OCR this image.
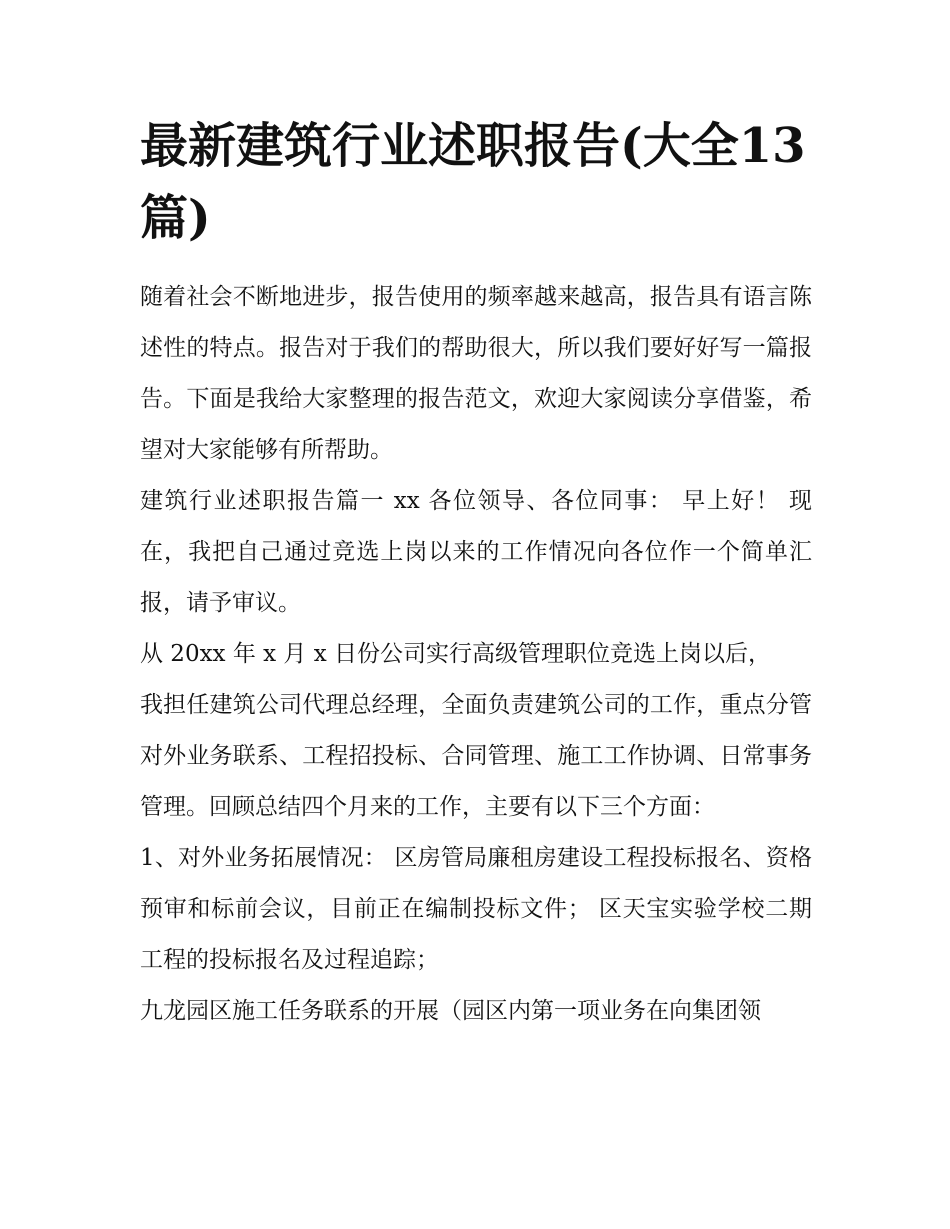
最新建筑行业述职报告(大全13篇)

随着社会不断地进步，报告使用的频率越来越高，报告具有语言陈述性的特点。报告对于我们的帮助很大，所以我们要好好写一篇报告。下面是我给大家整理的报告范文，欢迎大家阅读分享借鉴，希望对大家能够有所帮助。

建筑行业述职报告篇一 xx 各位领导、各位同事： 早上好！ 现在，我把自己通过竞选上岗以来的工作情况向各位作一个简单汇报，请予审议。

从 20xx 年 x 月 x 日份公司实行高级管理职位竞选上岗以后，

我担任建筑公司代理总经理，全面负责建筑公司的工作，重点分管对外业务联系、工程招投标、合同管理、施工工作协调、日常事务管理。回顾总结四个月来的工作，主要有以下三个方面：

1、对外业务拓展情况： 区房管局廉租房建设工程投标报名、资格预审和标前会议，目前正在编制投标文件； 区天宝实验学校二期工程的投标报名及过程追踪；

九龙园区施工任务联系的开展（园区内第一项业务在向集团领
